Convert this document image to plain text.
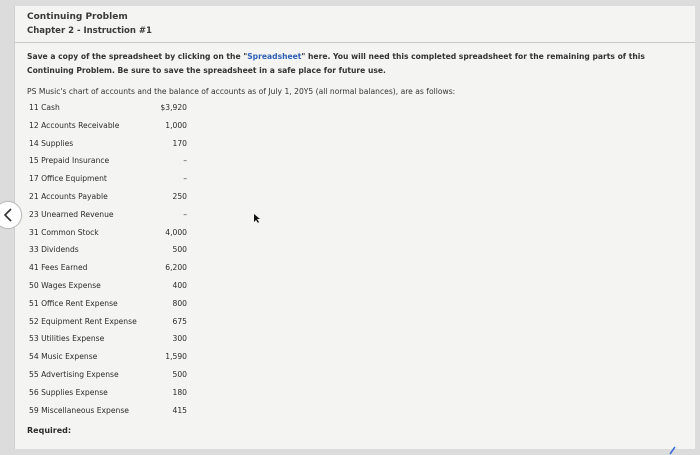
Continuing Problem
Chapter 2 - Instruction #1
Save a copy of the spreadsheet by clicking on the "Spreadsheet" here. You will need this completed spreadsheet for the remaining parts of this Continuing Problem. Be sure to save the spreadsheet in a safe place for future use.
PS Music's chart of accounts and the balance of accounts as of July 1, 20Y5 (all normal balances), are as follows:
11 Cash	$3,920
12 Accounts Receivable	1,000
14 Supplies	170
15 Prepaid Insurance	–
17 Office Equipment	–
21 Accounts Payable	250
23 Unearned Revenue	–
31 Common Stock	4,000
33 Dividends	500
41 Fees Earned	6,200
50 Wages Expense	400
51 Office Rent Expense	800
52 Equipment Rent Expense	675
53 Utilities Expense	300
54 Music Expense	1,590
55 Advertising Expense	500
56 Supplies Expense	180
59 Miscellaneous Expense	415
Required:
